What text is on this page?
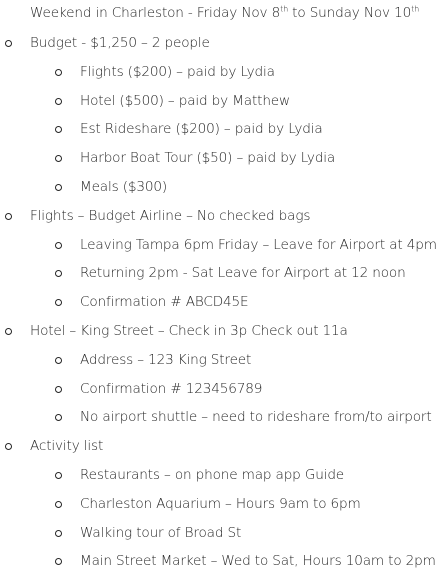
Weekend in Charleston - Friday Nov 8th to Sunday Nov 10th
Budget - $1,250 – 2 people
Flights ($200) – paid by Lydia
Hotel ($500) – paid by Matthew
Est Rideshare ($200) – paid by Lydia
Harbor Boat Tour ($50) – paid by Lydia
Meals ($300)
Flights – Budget Airline – No checked bags
Leaving Tampa 6pm Friday – Leave for Airport at 4pm
Returning 2pm - Sat Leave for Airport at 12 noon
Confirmation # ABCD45E
Hotel – King Street – Check in 3p Check out 11a
Address – 123 King Street
Confirmation # 123456789
No airport shuttle – need to rideshare from/to airport
Activity list
Restaurants – on phone map app Guide
Charleston Aquarium – Hours 9am to 6pm
Walking tour of Broad St
Main Street Market – Wed to Sat, Hours 10am to 2pm
